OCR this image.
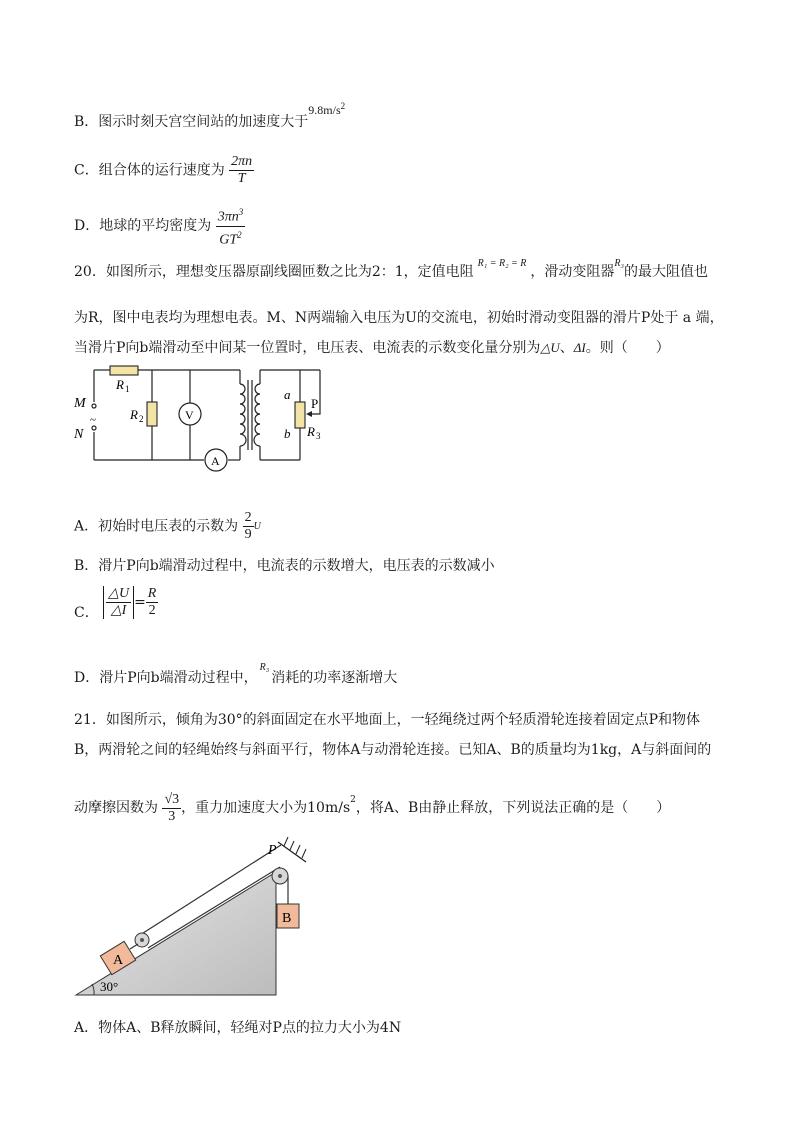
B．图示时刻天宫空间站的加速度大于$9.8m/s^2$
C．组合体的运行速度为 $\frac{2\pi n}{T}$
D．地球的平均密度为 $\frac{3\pi n^3}{GT^2}$
20．如图所示，理想变压器原副线圈匝数之比为2：1，定值电阻$^{R_1 = R_2 = R}$，滑动变阻器$^{R_3}$的最大阻值也
为R，图中电表均为理想电表。M、N两端输入电压为U的交流电，初始时滑动变阻器的滑片P处于 a 端，
当滑片P向b端滑动至中间某一位置时，电压表、电流表的示数变化量分别为△U、ΔI。则（　　）
R 1
R 2	V
A
M
N
~
a
b
P
R 3
A．初始时电压表的示数为 $\frac{2}{9}$ U
B．滑片P向b端滑动过程中，电流表的示数增大，电压表的示数减小
C． $\frac{\triangle U}{\triangle I} = \frac{R}{2}$
D．滑片P向b端滑动过程中，$^{R_3}$消耗的功率逐渐增大
21．如图所示，倾角为30°的斜面固定在水平地面上，一轻绳绕过两个轻质滑轮连接着固定点P和物体
B，两滑轮之间的轻绳始终与斜面平行，物体A与动滑轮连接。已知A、B的质量均为1kg，A与斜面间的
动摩擦因数为 $\frac{√3}{3}$ ，重力加速度大小为$10m/s^2$，将A、B由静止释放，下列说法正确的是（　　）
A
B
P
30°
A．物体A、B释放瞬间，轻绳对P点的拉力大小为4N
